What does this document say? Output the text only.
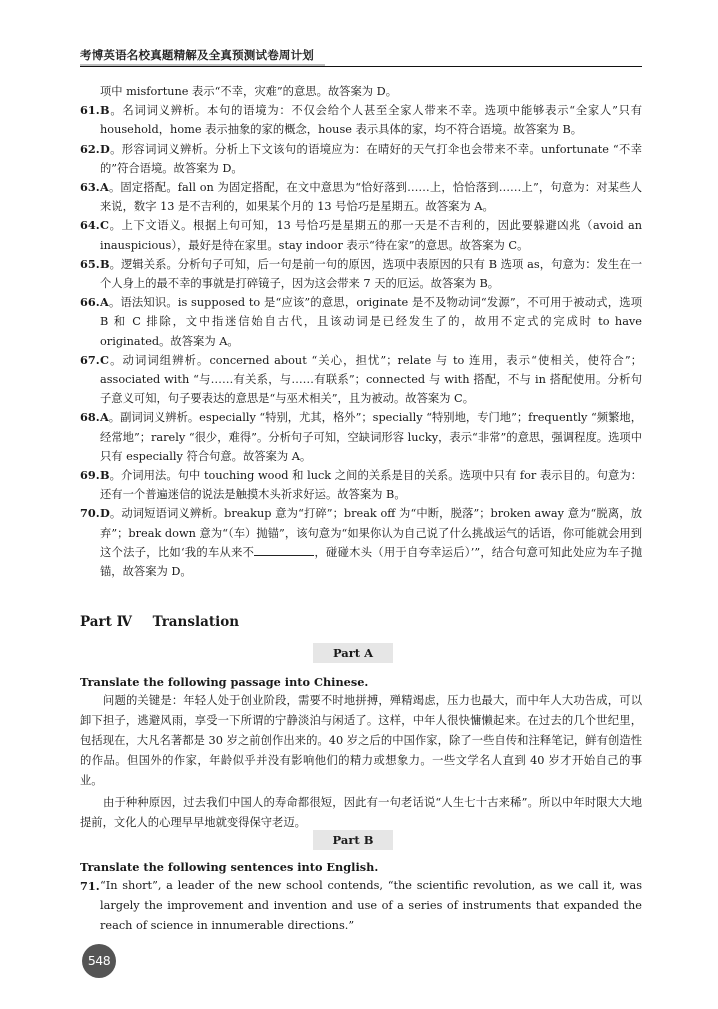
考博英语名校真题精解及全真预测试卷周计划
项中 misfortune 表示“不幸，灾难”的意思。故答案为 D。
61. B。名词词义辨析。本句的语境为：不仅会给个人甚至全家人带来不幸。选项中能够表示“全家人”只有 household，home 表示抽象的家的概念，house 表示具体的家，均不符合语境。故答案为 B。
62. D。形容词词义辨析。分析上下文该句的语境应为：在晴好的天气打伞也会带来不幸。unfortunate “不幸的”符合语境。故答案为 D。
63. A。固定搭配。fall on 为固定搭配，在文中意思为“恰好落到……上，恰恰落到……上”，句意为：对某些人来说，数字 13 是不吉利的，如果某个月的 13 号恰巧是星期五。故答案为 A。
64. C。上下文语义。根据上句可知，13 号恰巧是星期五的那一天是不吉利的，因此要躲避凶兆（avoid an inauspicious），最好是待在家里。stay indoor 表示“待在家”的意思。故答案为 C。
65. B。逻辑关系。分析句子可知，后一句是前一句的原因，选项中表原因的只有 B 选项 as，句意为：发生在一个人身上的最不幸的事就是打碎镜子，因为这会带来 7 天的厄运。故答案为 B。
66. A。语法知识。is supposed to 是“应该”的意思，originate 是不及物动词“发源”，不可用于被动式，选项 B 和 C 排除，文中指迷信始自古代，且该动词是已经发生了的，故用不定式的完成时 to have originated。故答案为 A。
67. C。动词词组辨析。concerned about “关心，担忧”；relate 与 to 连用，表示“使相关，使符合”；associated with “与……有关系，与……有联系”；connected 与 with 搭配，不与 in 搭配使用。分析句子意义可知，句子要表达的意思是“与巫术相关”，且为被动。故答案为 C。
68. A。副词词义辨析。especially “特别，尤其，格外”；specially “特别地，专门地”；frequently “频繁地，经常地”；rarely “很少，难得”。分析句子可知，空缺词形容 lucky，表示“非常”的意思，强调程度。选项中只有 especially 符合句意。故答案为 A。
69. B。介词用法。句中 touching wood 和 luck 之间的关系是目的关系。选项中只有 for 表示目的。句意为：还有一个普遍迷信的说法是触摸木头祈求好运。故答案为 B。
70. D。动词短语词义辨析。breakup 意为“打碎”；break off 为“中断，脱落”；broken away 意为“脱离，放弃”；break down 意为“（车）抛锚”，该句意为“如果你认为自己说了什么挑战运气的话语，你可能就会用到这个法子，比如‘我的车从来不	，碰碰木头（用于自夸幸运后）’”，结合句意可知此处应为车子抛锚，故答案为 D。
Part Ⅳ Translation
Part A
Translate the following passage into Chinese.
问题的关键是：年轻人处于创业阶段，需要不时地拼搏，殚精竭虑，压力也最大，而中年人大功告成，可以卸下担子，逃避风雨，享受一下所谓的宁静淡泊与闲适了。这样，中年人很快慵懒起来。在过去的几个世纪里，包括现在，大凡名著都是 30 岁之前创作出来的。40 岁之后的中国作家，除了一些自传和注释笔记，鲜有创造性的作品。但国外的作家，年龄似乎并没有影响他们的精力或想象力。一些文学名人直到 40 岁才开始自己的事业。
由于种种原因，过去我们中国人的寿命都很短，因此有一句老话说“人生七十古来稀”。所以中年时限大大地提前，文化人的心理早早地就变得保守老迈。
Part B
Translate the following sentences into English.
71. “In short”, a leader of the new school contends, “the scientific revolution, as we call it, was largely the improvement and invention and use of a series of instruments that expanded the reach of science in innumerable directions.”
548
